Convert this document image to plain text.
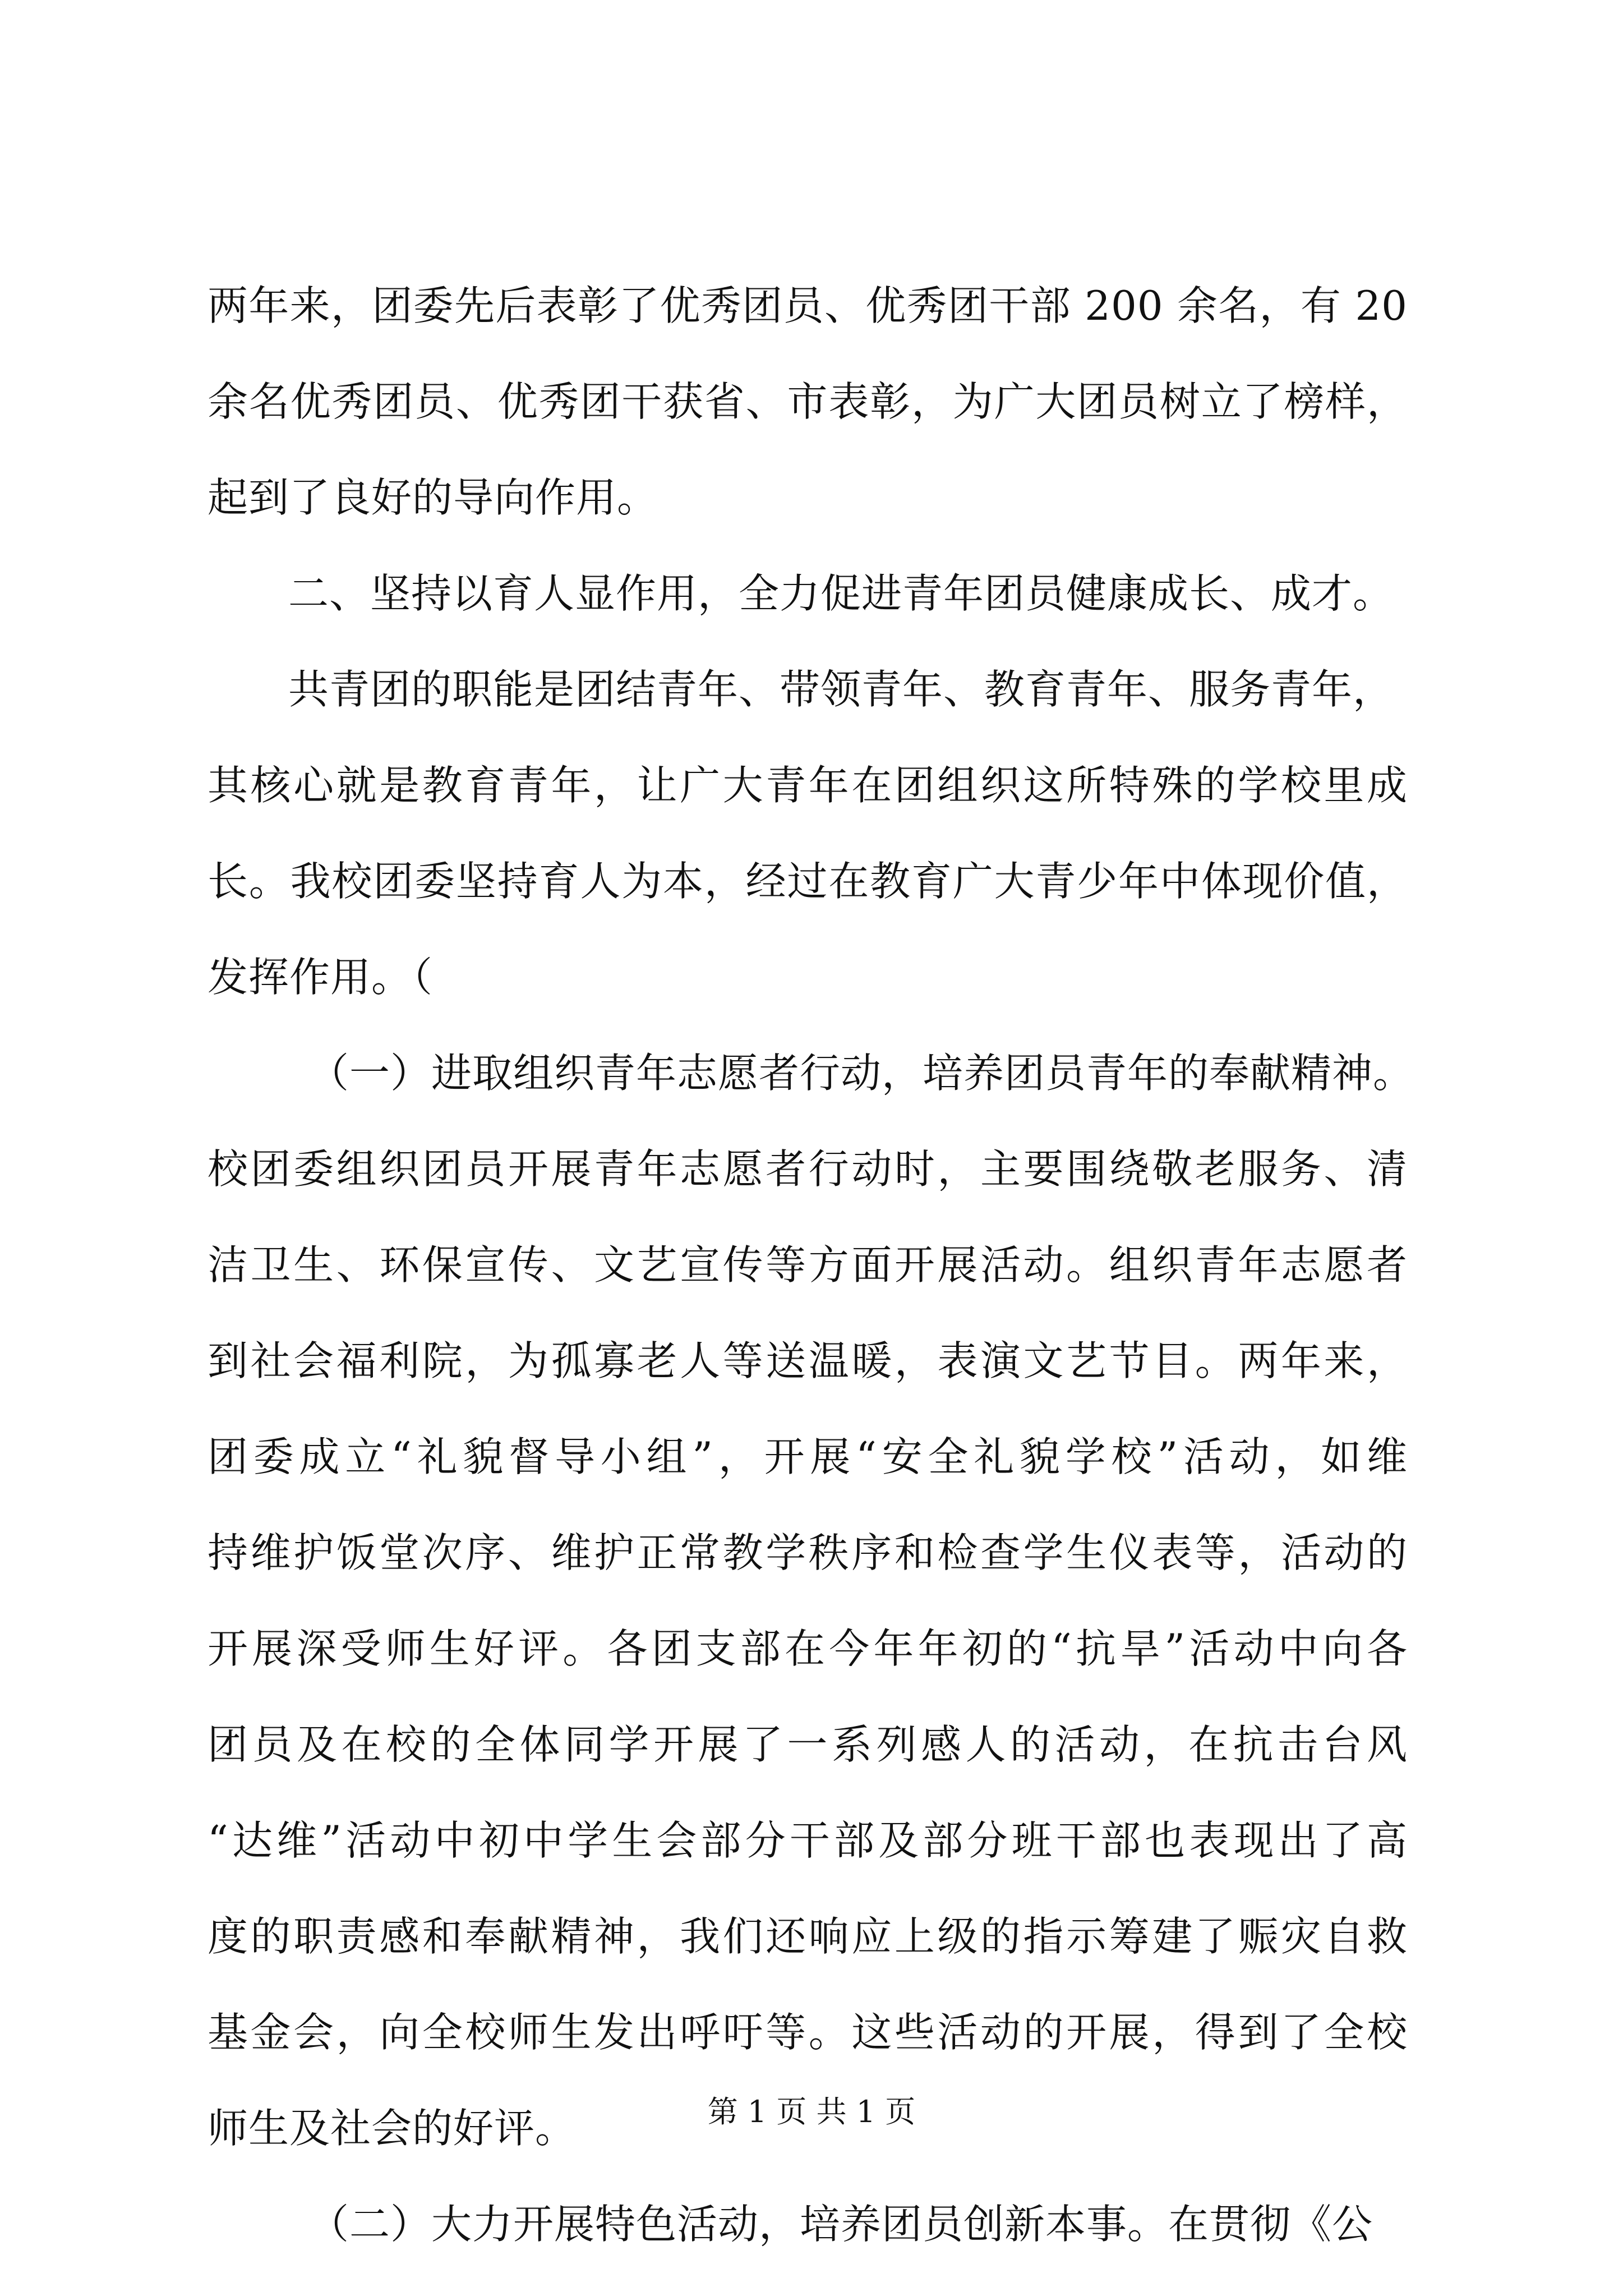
两年来，团委先后表彰了优秀团员、优秀团干部 200 余名，有 20
余名优秀团员、优秀团干获省、市表彰，为广大团员树立了榜样，
起到了良好的导向作用。
二、坚持以育人显作用，全力促进青年团员健康成长、成才。
共青团的职能是团结青年、带领青年、教育青年、服务青年，
其核心就是教育青年，让广大青年在团组织这所特殊的学校里成
长。我校团委坚持育人为本，经过在教育广大青少年中体现价值，
发挥作用。（
（一）进取组织青年志愿者行动，培养团员青年的奉献精神。
校团委组织团员开展青年志愿者行动时，主要围绕敬老服务、清
洁卫生、环保宣传、文艺宣传等方面开展活动。组织青年志愿者
到社会福利院，为孤寡老人等送温暖，表演文艺节目。两年来，
团委成立“礼貌督导小组”，开展“安全礼貌学校”活动，如维
持维护饭堂次序、维护正常教学秩序和检查学生仪表等，活动的
开展深受师生好评。各团支部在今年年初的“抗旱”活动中向各
团员及在校的全体同学开展了一系列感人的活动，在抗击台风
“达维”活动中初中学生会部分干部及部分班干部也表现出了高
度的职责感和奉献精神，我们还响应上级的指示筹建了赈灾自救
基金会，向全校师生发出呼吁等。这些活动的开展，得到了全校
师生及社会的好评。
（二）大力开展特色活动，培养团员创新本事。在贯彻《公
第 1 页 共 1 页
